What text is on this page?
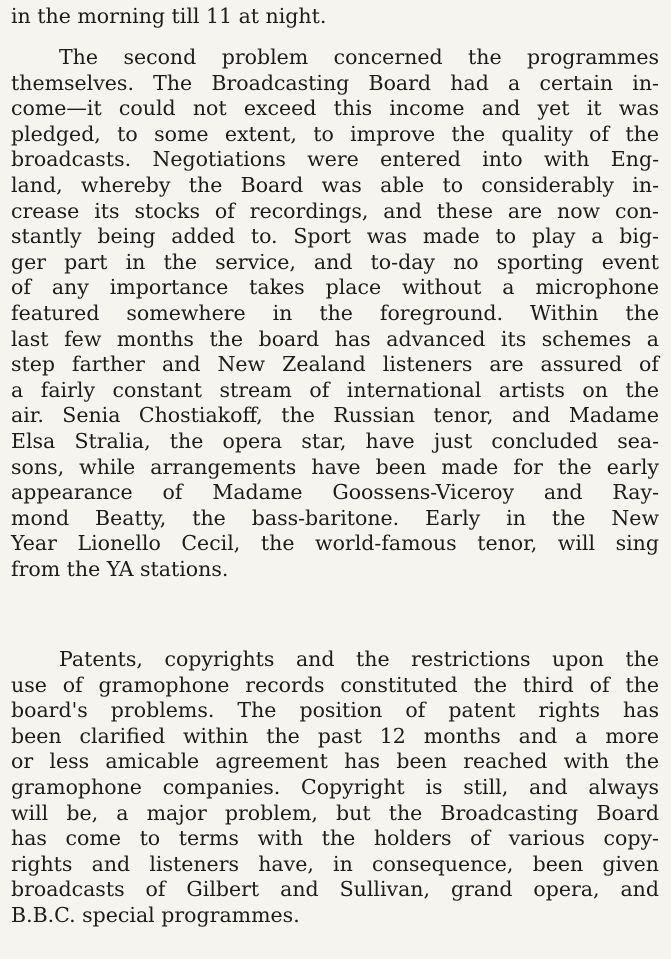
in the morning till 11 at night.
The second problem concerned the programmes
themselves. The Broadcasting Board had a certain in-
come—it could not exceed this income and yet it was
pledged, to some extent, to improve the quality of the
broadcasts. Negotiations were entered into with Eng-
land, whereby the Board was able to considerably in-
crease its stocks of recordings, and these are now con-
stantly being added to. Sport was made to play a big-
ger part in the service, and to-day no sporting event
of any importance takes place without a microphone
featured somewhere in the foreground. Within the
last few months the board has advanced its schemes a
step farther and New Zealand listeners are assured of
a fairly constant stream of international artists on the
air. Senia Chostiakoff, the Russian tenor, and Madame
Elsa Stralia, the opera star, have just concluded sea-
sons, while arrangements have been made for the early
appearance of Madame Goossens-Viceroy and Ray-
mond Beatty, the bass-baritone. Early in the New
Year Lionello Cecil, the world-famous tenor, will sing
from the YA stations.
Patents, copyrights and the restrictions upon the
use of gramophone records constituted the third of the
board's problems. The position of patent rights has
been clarified within the past 12 months and a more
or less amicable agreement has been reached with the
gramophone companies. Copyright is still, and always
will be, a major problem, but the Broadcasting Board
has come to terms with the holders of various copy-
rights and listeners have, in consequence, been given
broadcasts of Gilbert and Sullivan, grand opera, and
B.B.C. special programmes.
